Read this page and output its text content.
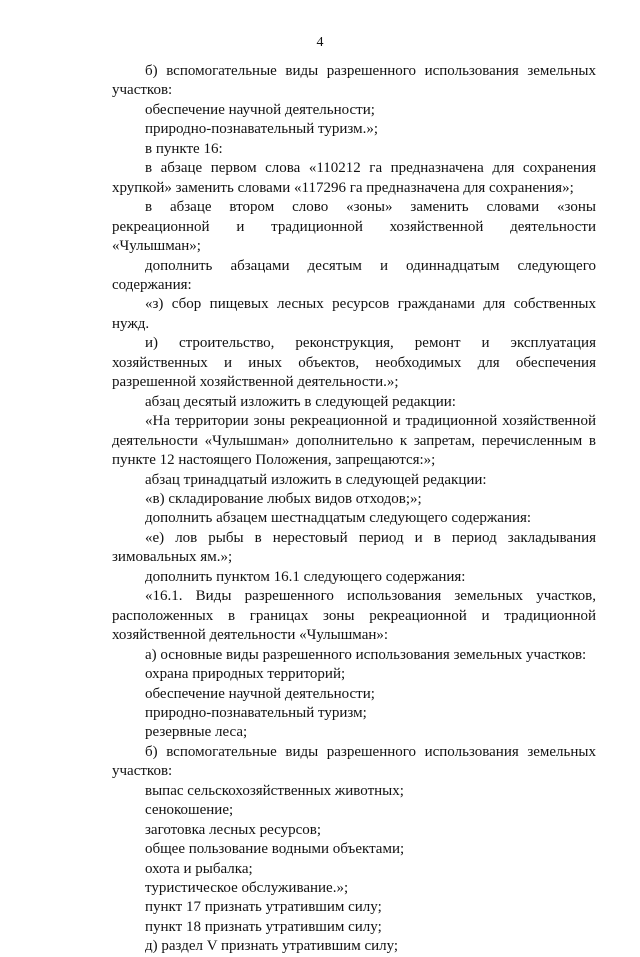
4

б) вспомогательные виды разрешенного использования земельных участков:

обеспечение научной деятельности;

природно-познавательный туризм.»;

в пункте 16:

в абзаце первом слова «110212 га предназначена для сохранения хрупкой» заменить словами «117296 га предназначена для сохранения»;

в абзаце втором слово «зоны» заменить словами «зоны рекреационной и традиционной хозяйственной деятельности «Чулышман»;

дополнить абзацами десятым и одиннадцатым следующего содержания:

«з) сбор пищевых лесных ресурсов гражданами для собственных нужд.

и) строительство, реконструкция, ремонт и эксплуатация хозяйственных и иных объектов, необходимых для обеспечения разрешенной хозяйственной деятельности.»;

абзац десятый изложить в следующей редакции:

«На территории зоны рекреационной и традиционной хозяйственной деятельности «Чулышман» дополнительно к запретам, перечисленным в пункте 12 настоящего Положения, запрещаются:»;

абзац тринадцатый изложить в следующей редакции:

«в) складирование любых видов отходов;»;

дополнить абзацем шестнадцатым следующего содержания:

«е) лов рыбы в нерестовый период и в период закладывания зимовальных ям.»;

дополнить пунктом 16.1 следующего содержания:

«16.1. Виды разрешенного использования земельных участков, расположенных в границах зоны рекреационной и традиционной хозяйственной деятельности «Чулышман»:

а) основные виды разрешенного использования земельных участков:

охрана природных территорий;

обеспечение научной деятельности;

природно-познавательный туризм;

резервные леса;

б) вспомогательные виды разрешенного использования земельных участков:

выпас сельскохозяйственных животных;

сенокошение;

заготовка лесных ресурсов;

общее пользование водными объектами;

охота и рыбалка;

туристическое обслуживание.»;

пункт 17 признать утратившим силу;

пункт 18 признать утратившим силу;

д) раздел V признать утратившим силу;
